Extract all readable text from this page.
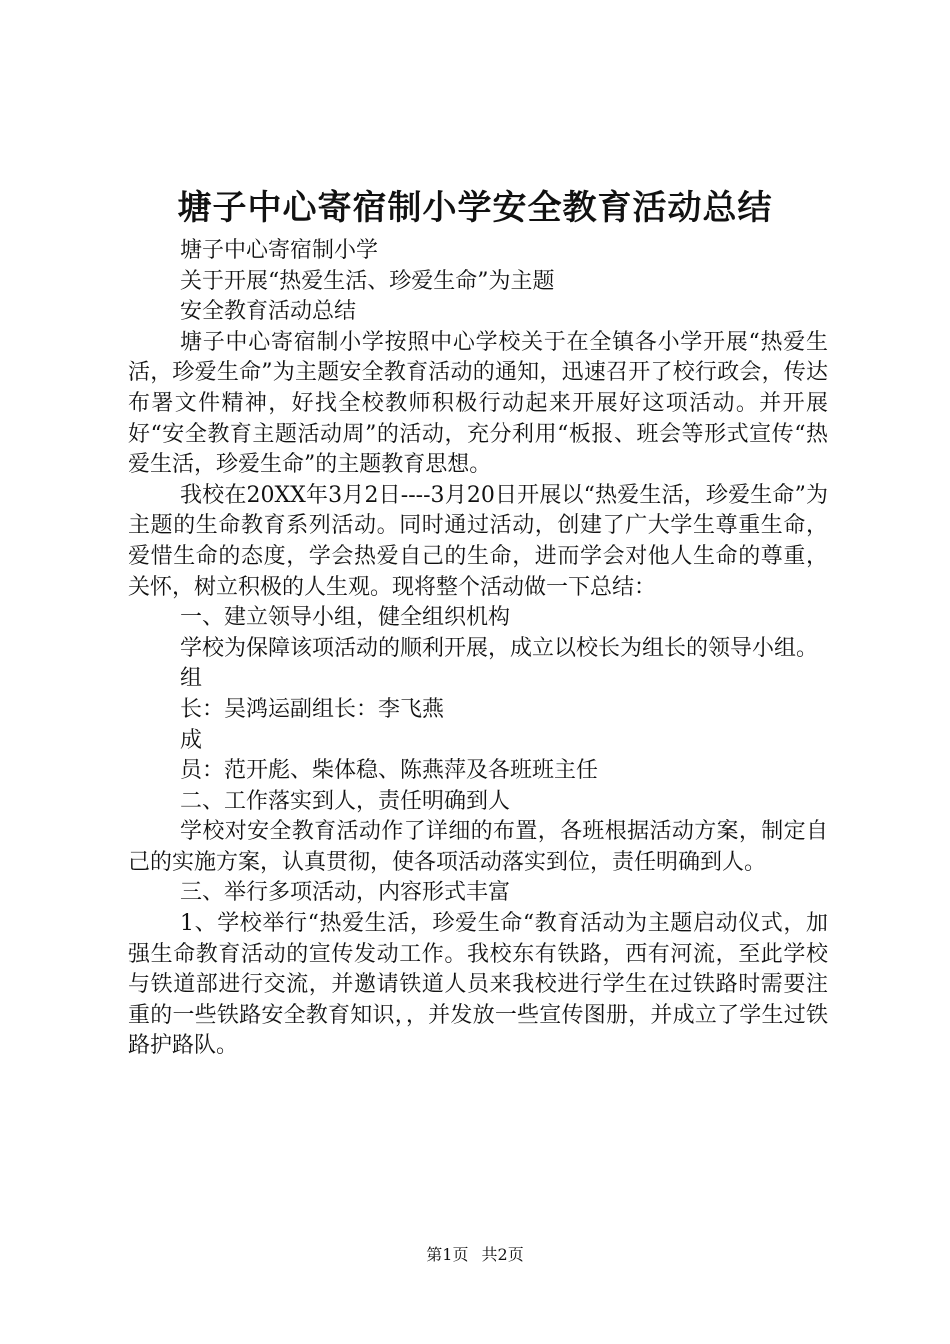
塘子中心寄宿制小学安全教育活动总结

塘子中心寄宿制小学

关于开展“热爱生活、珍爱生命”为主题

安全教育活动总结

塘子中心寄宿制小学按照中心学校关于在全镇各小学开展“热爱生活，珍爱生命”为主题安全教育活动的通知，迅速召开了校行政会，传达布署文件精神，好找全校教师积极行动起来开展好这项活动。并开展好“安全教育主题活动周”的活动，充分利用“板报、班会等形式宣传“热爱生活，珍爱生命”的主题教育思想。

我校在20XX年3月2日----3月20日开展以“热爱生活，珍爱生命”为主题的生命教育系列活动。同时通过活动，创建了广大学生尊重生命，爱惜生命的态度，学会热爱自己的生命，进而学会对他人生命的尊重，关怀，树立积极的人生观。现将整个活动做一下总结：

一、建立领导小组，健全组织机构

学校为保障该项活动的顺利开展，成立以校长为组长的领导小组。

组

长：吴鸿运副组长：李飞燕

成

员：范开彪、柴体稳、陈燕萍及各班班主任

二、工作落实到人，责任明确到人

学校对安全教育活动作了详细的布置，各班根据活动方案，制定自己的实施方案，认真贯彻，使各项活动落实到位，责任明确到人。

三、举行多项活动，内容形式丰富

1、学校举行“热爱生活，珍爱生命“教育活动为主题启动仪式，加强生命教育活动的宣传发动工作。我校东有铁路，西有河流，至此学校与铁道部进行交流，并邀请铁道人员来我校进行学生在过铁路时需要注重的一些铁路安全教育知识，，并发放一些宣传图册，并成立了学生过铁路护路队。

第1页 共2页
